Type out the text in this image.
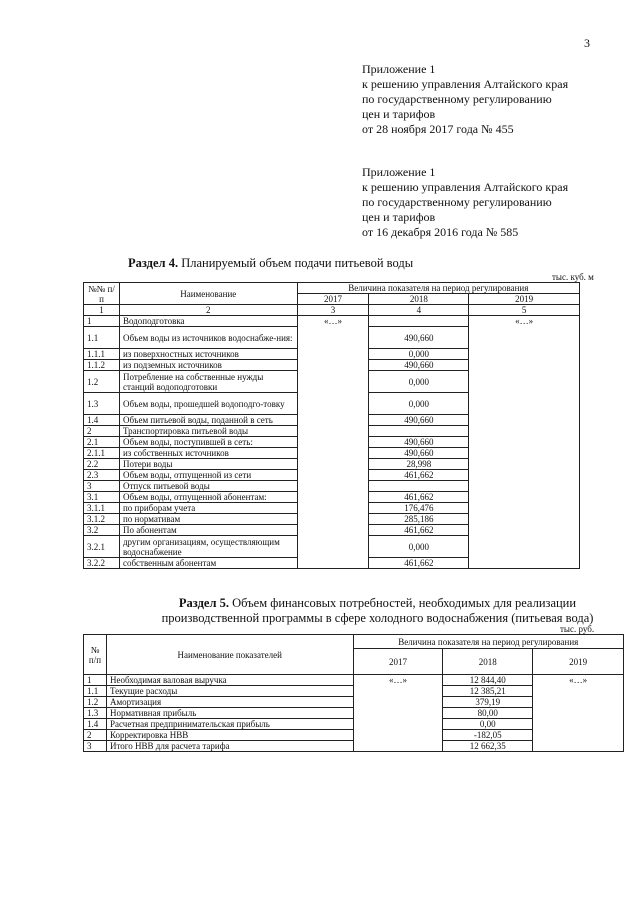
3
Приложение 1
к решению управления Алтайского края
по государственному регулированию
цен и тарифов
от 28 ноября 2017 года № 455
Приложение 1
к решению управления Алтайского края
по государственному регулированию
цен и тарифов
от 16 декабря 2016 года № 585
Раздел 4. Планируемый объем подачи питьевой воды
тыс. куб. м
№№ п/п	Наименование	Величина показателя на период регулирования		
		2017	2018	2019
1	2	3	4	5
1	Водоподготовка	«…»		«…»
1.1	Объем воды из источников водоснабже-ния:		490,660	
1.1.1	из поверхностных источников		0,000	
1.1.2	из подземных источников		490,660	
1.2	Потребление на собственные нужды станций водоподготовки		0,000	
1.3	Объем воды, прошедшей водоподго-товку		0,000	
1.4	Объем питьевой воды, поданной в сеть		490,660	
2	Транспортировка питьевой воды			
2.1	Объем воды, поступившей в сеть:		490,660	
2.1.1	из собственных источников		490,660	
2.2	Потери воды		28,998	
2.3	Объем воды, отпущенной из сети		461,662	
3	Отпуск питьевой воды			
3.1	Объем воды, отпущенной абонентам:		461,662	
3.1.1	по приборам учета		176,476	
3.1.2	по нормативам		285,186	
3.2	По абонентам		461,662	
3.2.1	другим организациям, осуществляющим водоснабжение		0,000	
3.2.2	собственным абонентам		461,662	
Раздел 5. Объем финансовых потребностей, необходимых для реализации производственной программы в сфере холодного водоснабжения (питьевая вода)
тыс. руб.
№ п/п	Наименование показателей	Величина показателя на период регулирования		
		2017	2018	2019
1	Необходимая валовая выручка	«…»	12 844,40	«…»
1.1	Текущие расходы		12 385,21	
1.2	Амортизация		379,19	
1.3	Нормативная прибыль		80,00	
1.4	Расчетная предпринимательская прибыль		0,00	
2	Корректировка НВВ		-182,05	
3	Итого НВВ для расчета тарифа		12 662,35	
